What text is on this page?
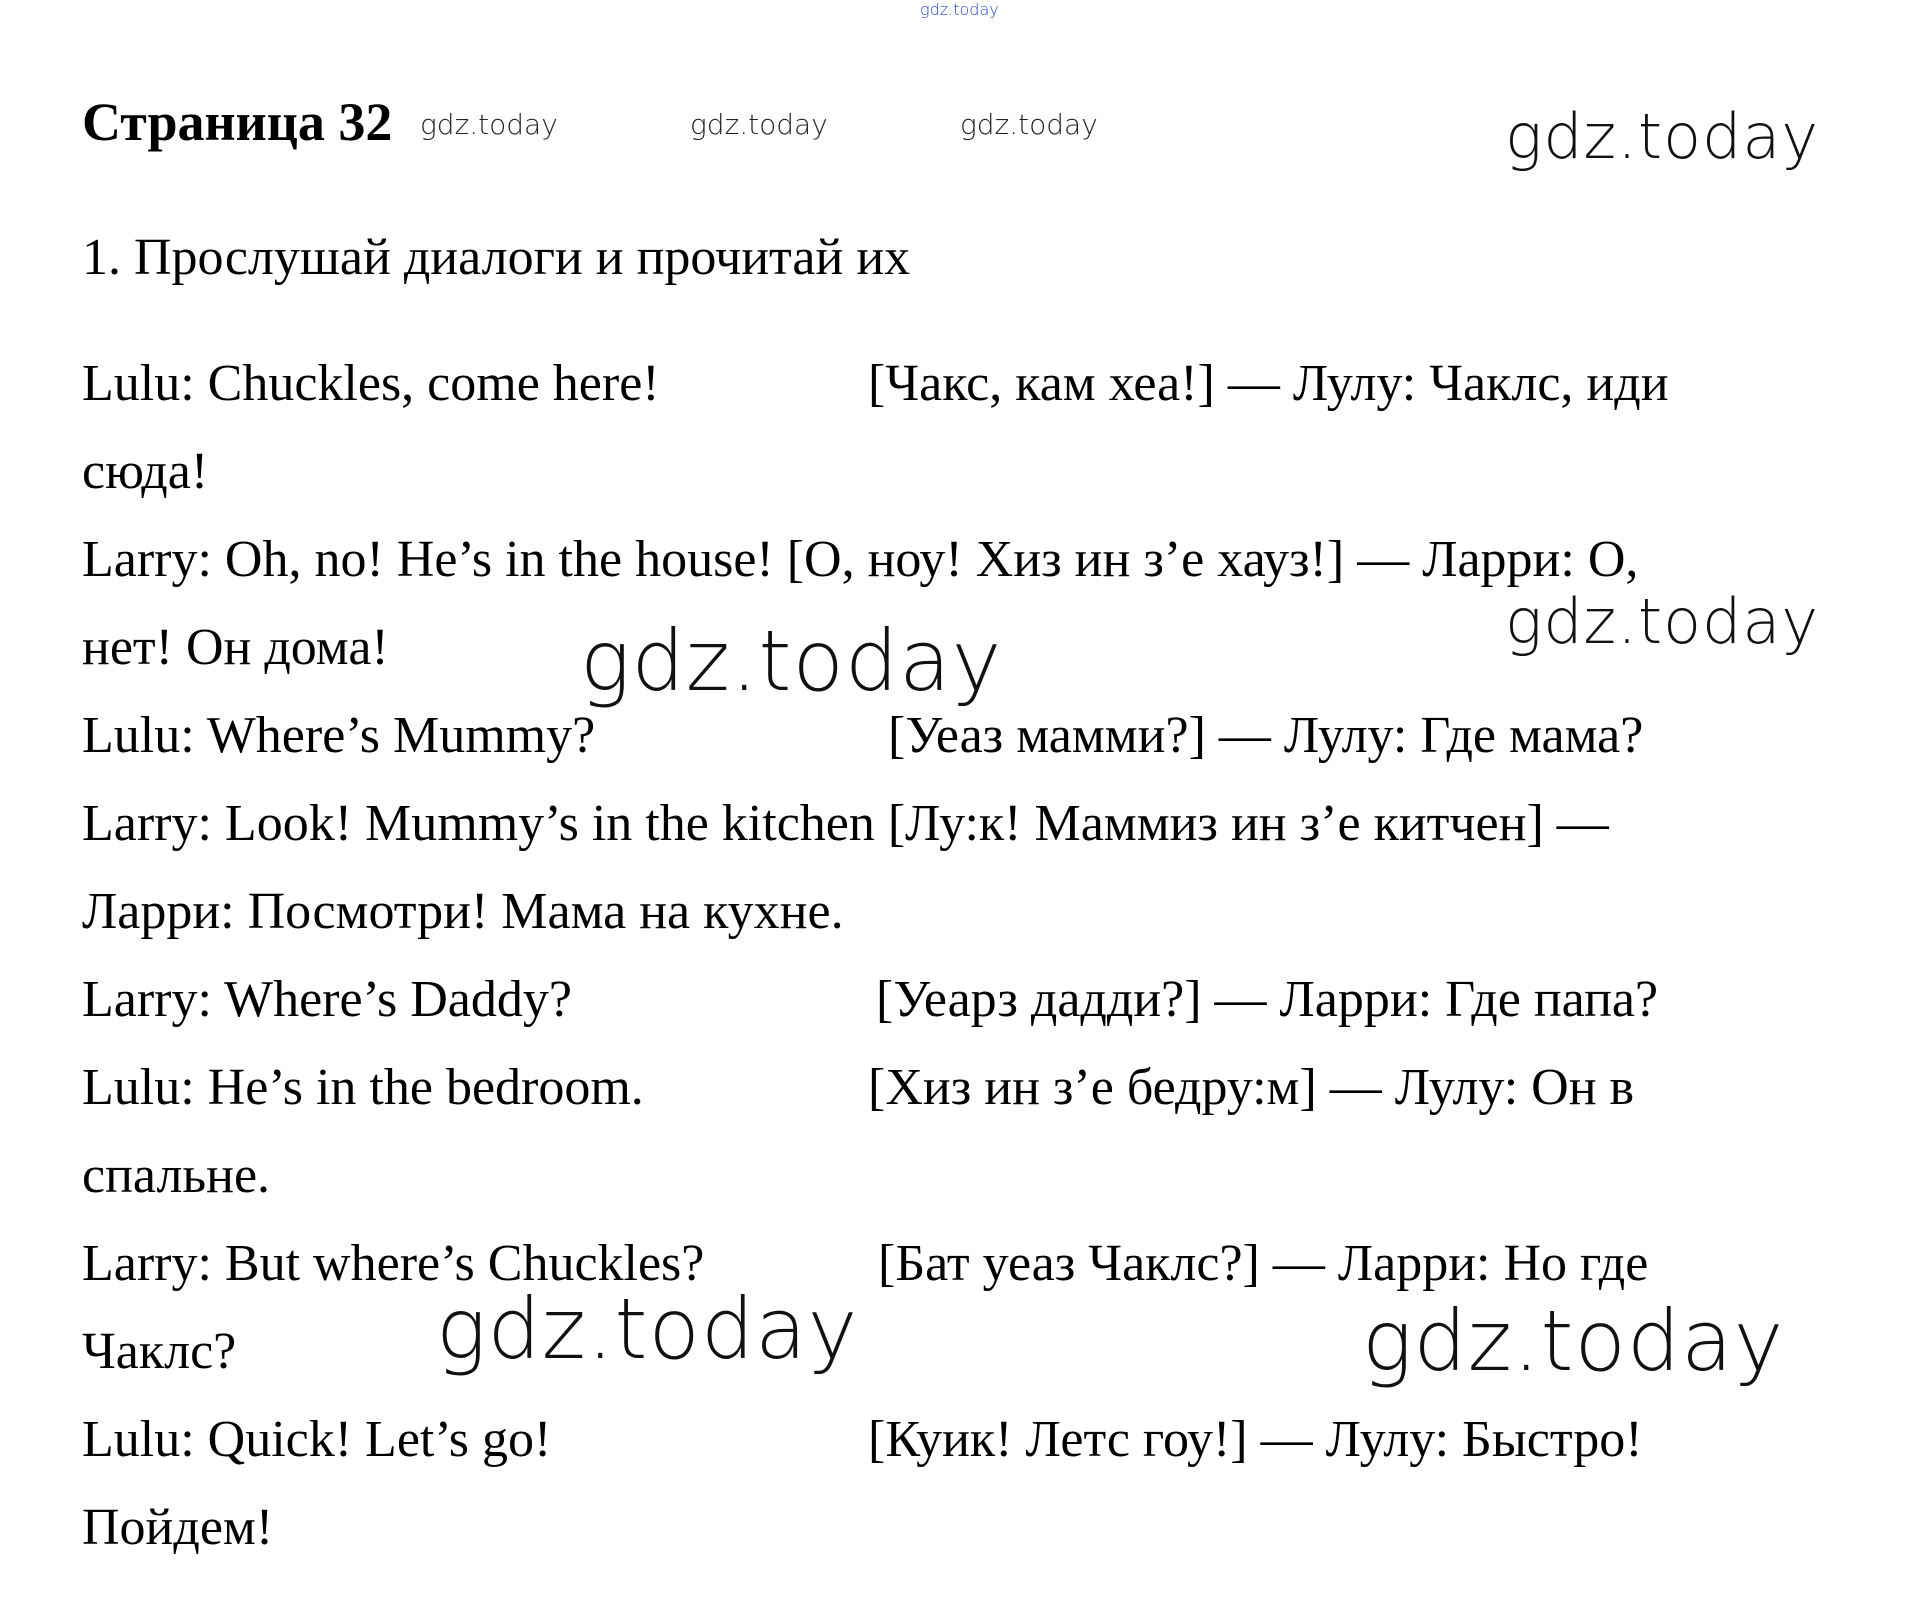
gdz.today
gdz.today	gdz.today	gdz.today	gdz.today
gdz.today
gdz.today
gdz.today	gdz.today
Страница 32
1. Прослушай диалоги и прочитай их
Lulu: Chuckles, come here!	[Чакс, кам хеа!] — Лулу: Чаклс, иди
сюда!
Larry: Oh, no! He’s in the house! [О, ноу! Хиз ин з’е хауз!] — Ларри: О,
нет! Он дома!
Lulu: Where’s Mummy?	[Уеаз мамми?] — Лулу: Где мама?
Larry: Look! Mummy’s in the kitchen [Лу:к! Маммиз ин з’е китчен] —
Ларри: Посмотри! Мама на кухне.
Larry: Where’s Daddy?	[Уеарз дадди?] — Ларри: Где папа?
Lulu: He’s in the bedroom.	[Хиз ин з’е бедру:м] — Лулу: Он в
спальне.
Larry: But where’s Chuckles?	[Бат уеаз Чаклс?] — Ларри: Но где
Чаклс?
Lulu: Quick! Let’s go!	[Куик! Летс гоу!] — Лулу: Быстро!
Пойдем!
